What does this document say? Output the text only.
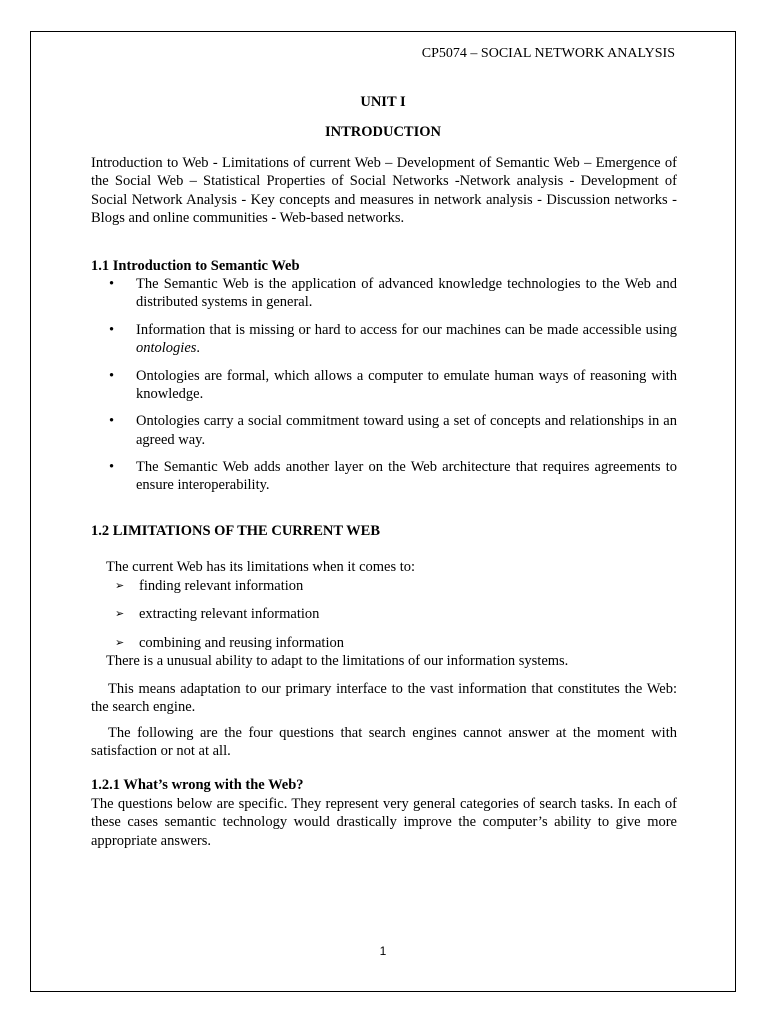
CP5074 – SOCIAL NETWORK ANALYSIS
UNIT I
INTRODUCTION

Introduction to Web - Limitations of current Web – Development of Semantic Web – Emergence of the Social Web – Statistical Properties of Social Networks -Network analysis - Development of Social Network Analysis - Key concepts and measures in network analysis - Discussion networks - Blogs and online communities - Web-based networks.

1.1 Introduction to Semantic Web
• The Semantic Web is the application of advanced knowledge technologies to the Web and distributed systems in general.
• Information that is missing or hard to access for our machines can be made accessible using ontologies.
• Ontologies are formal, which allows a computer to emulate human ways of reasoning with knowledge.
• Ontologies carry a social commitment toward using a set of concepts and relationships in an agreed way.
• The Semantic Web adds another layer on the Web architecture that requires agreements to ensure interoperability.
1.2 LIMITATIONS OF THE CURRENT WEB

The current Web has its limitations when it comes to:

➢ finding relevant information
➢ extracting relevant information
➢ combining and reusing information

There is a unusual ability to adapt to the limitations of our information systems.

This means adaptation to our primary interface to the vast information that constitutes the Web: the search engine.

The following are the four questions that search engines cannot answer at the moment with satisfaction or not at all.

1.2.1 What’s wrong with the Web?

The questions below are specific. They represent very general categories of search tasks. In each of these cases semantic technology would drastically improve the computer’s ability to give more appropriate answers.

1
